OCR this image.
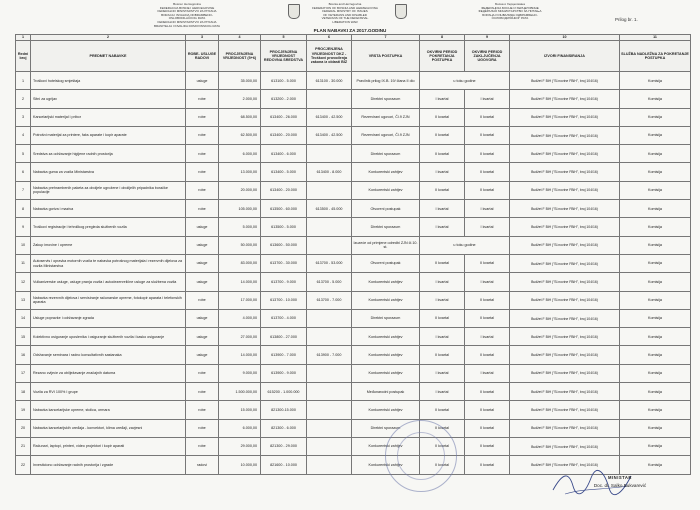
Bosna i Hercegovina
FEDERACIJA BOSNE I HERCEGOVINE
FEDERALNO MINISTARSTVO ZA PITANJA
BORACA I INVALIDA ODBRAMBENO-
OSLOBODILAČKOG RATA
FEDERALNO MINISTARSTVO ZA PITANJA
BRANITELJA I INVALIDA DOMOVINSKOG RATA
Bosnia and Herzegovina
FEDERATION OF BOSNIA AND HERZEGOVINA
FEDERAL MINISTRY OF ISSUES
OF VETERANS AND DISABLED
VETERANS OF THE DEFENSIVE-
LIBERATION WAR
Босна и Херцеговина
ФЕДЕРАЦИЈА БОСНЕ И ХЕРЦЕГОВИНЕ
ФЕДЕРАЛНО МИНИСТАРСТВО ЗА ПИТАЊА
БОРАЦА И ИНВАЛИДА ОДБРАМБЕНО-
ОСЛОБОДИЛАЧКОГ РАТА	Prilog br. 1.
PLAN NABAVKI ZA 2017.GODINU
1	2	3	4	5	6	7	8	9	10	11
Redni broj	PREDMET NABAVKE	ROBE- USLUGE RADOVI	PROCJENJENA VRIJEDNOST (5+6)	PROCJENJENA VRIJEDNOST REDOVNA SREDSTVA	PROCJENJENA VRIJEDNOST DKZ - Troškovi provođenja zakona iz oblasti BIZ	VRSTA POSTUPKA	OKVIRNI PERIOD POKRETANJA POSTUPKA	OKVIRNI PERIOD ZAKLJUČENJA UGOVORA	IZVORI FINANSIRANJA	SLUŽBA NADLEŽNA ZA POKRETANJE POSTUPKA
1	Troškovi hotelskog smještaja	usluge	35.000,00	613100 - 5.000	613100 - 30.000	Pravilnik prilog IX.B. 19/ člana II dio	u toku godine		Budžet F BiH ("Sl.novine FBiH", broj 104/16)	Komisija
2	Sitni za ugrijav	robe	2.000,00	613200 - 2.000		Direktni sporazum	I kvartal	I kvartal	Budžet F BiH ("Sl.novine FBiH", broj 104/16)	Komisija
3	Kancelarijski materijal i pribor	robe	68.500,00	613400 - 26.000	613400 - 42.500	Rezervirani ugovori, Čl.9 ZJN	II kvartal	II kvartal	Budžet F BiH ("Sl.novine FBiH", broj 104/16)	Komisija
4	Potrošni materijal za printere, faks aparate i kopir aparate	robe	62.500,00	613400 - 20.000	613400 - 42.500	Rezervirani ugovori, Čl.9 ZJN	II kvartal	II kvartal	Budžet F BiH ("Sl.novine FBiH", broj 104/16)	Komisija
5	Sredstva za održavanje higijene radnih prostorija	robe	6.000,00	613400 - 6.000		Direktni sporazum	II kvartal	II kvartal	Budžet F BiH ("Sl.novine FBiH", broj 104/16)	Komisija
6	Nabavka guma za vozila Ministarstva	robe	13.000,00	613400 - 5.000	613400 - 8.000	Konkurentski zahtjev	I kvartal	II kvartal	Budžet F BiH ("Sl.novine FBiH", broj 104/16)	Komisija
7	Nabavka prehrambenih paketa za oboljele ugrožene i obolijelih pripadnika boračke populacije	robe	20.000,00	613400 - 20.000		Konkurentski zahtjev	II kvartal	II kvartal	Budžet F BiH ("Sl.novine FBiH", broj 104/16)	Komisija
8	Nabavka goriva i maziva	robe	105.000,00	613500 - 60.000	613500 - 45.000	Otvoreni postupak	I kvartal	I kvartal	Budžet F BiH ("Sl.novine FBiH", broj 104/16)	Komisija
9	Troškovi registracije i tehničkog pregleda službenih vozila	usluge	5.000,00	613500 - 5.000		Direktni sporazum	I kvartal	I kvartal	Budžet F BiH ("Sl.novine FBiH", broj 104/16)	Komisija
10	Zakup imovine i opreme	usluge	50.000,00	613600 - 50.000		Izuzeće od primjene odredbi ZJN čl.10. st.	u toku godine		Budžet F BiH ("Sl.novine FBiH", broj 104/16)	Komisija
11	Autoservis i opravka motornih vozila te nabavka potrošnog materijala i rezervnih dijelova za vozila Ministarstva	usluge	83.000,00	613700 - 30.000	613700 - 53.000	Otvoreni postupak	II kvartal	II kvartal	Budžet F BiH ("Sl.novine FBiH", broj 104/16)	Komisija
12	Vulkanizerske usluge, usluge pranja vozila i autodezenrelične usluge za službena vozila	usluge	14.000,00	613700 - 9.000	613700 - 5.000	Konkurentski zahtjev	I kvartal	I kvartal	Budžet F BiH ("Sl.novine FBiH", broj 104/16)	Komisija
13	Nabavka rezervnih dijelova i servisiranje računarske opreme, fotokopir aparata i telefonskih aparata	robe	17.000,00	613700 - 10.000	613700 - 7.000	Konkurentski zahtjev	I kvartal	II kvartal	Budžet F BiH ("Sl.novine FBiH", broj 104/16)	Komisija
14	Usluge popravke i održavanje zgrada	usluge	4.000,00	613700 - 4.000		Direktni sporazum	II kvartal	II kvartal	Budžet F BiH ("Sl.novine FBiH", broj 104/16)	Komisija
15	Kolektivno osiguranje uposlenika i osiguranje službenih vozila i kasko osiguranje	usluge	27.000,00	613800 - 27.000		Konkurentski zahtjev	I kvartal	I kvartal	Budžet F BiH ("Sl.novine FBiH", broj 104/16)	Komisija
16	Održavanje seminara i radno konsultativnih sastanaka	usluge	14.000,00	613900 - 7.000	613900 - 7.000	Konkurentski zahtjev	II kvartal	II kvartal	Budžet F BiH ("Sl.novine FBiH", broj 104/16)	Komisija
17	Rezano cvijeće za obilježavanje značajnih datuma	robe	9.000,00	613900 - 9.000		Konkurentski zahtjev	I kvartal	I kvartal	Budžet F BiH ("Sl.novine FBiH", broj 104/16)	Komisija
18	Vozila za RVI 100% I grupe	robe	1.500.000,00	615200 - 1.000.000		Međunarodni postupak	I kvartal	II kvartal	Budžet F BiH ("Sl.novine FBiH", broj 104/16)	Komisija
19	Nabavka kancelarijske opreme, stolica, ormara	robe	15.000,00	821300-15.000		Konkurentski zahtjev	II kvartal	II kvartal	Budžet F BiH ("Sl.novine FBiH", broj 104/16)	Komisija
20	Nabavka kancelarijskih uređaja - konvektori, klima uređaji, zavjesni	robe	6.000,00	821300 - 6.000		Direktni sporazum	II kvartal	II kvartal	Budžet F BiH ("Sl.novine FBiH", broj 104/16)	Komisija
21	Računari, laptopi, printeri, video projektori i kopir aparati	robe	29.000,00	821300 - 29.000		Konkurentski zahtjev	II kvartal	II kvartal	Budžet F BiH ("Sl.novine FBiH", broj 104/16)	Komisija
22	Investiciono održavanje radnih prostorija i zgrade	radovi	10.000,00	821600 - 10.000		Konkurentski zahtjev	II kvartal	II kvartal	Budžet F BiH ("Sl.novine FBiH", broj 104/16)	Komisija
MINISTAR
Doc. dr. Salko Bukvarević
